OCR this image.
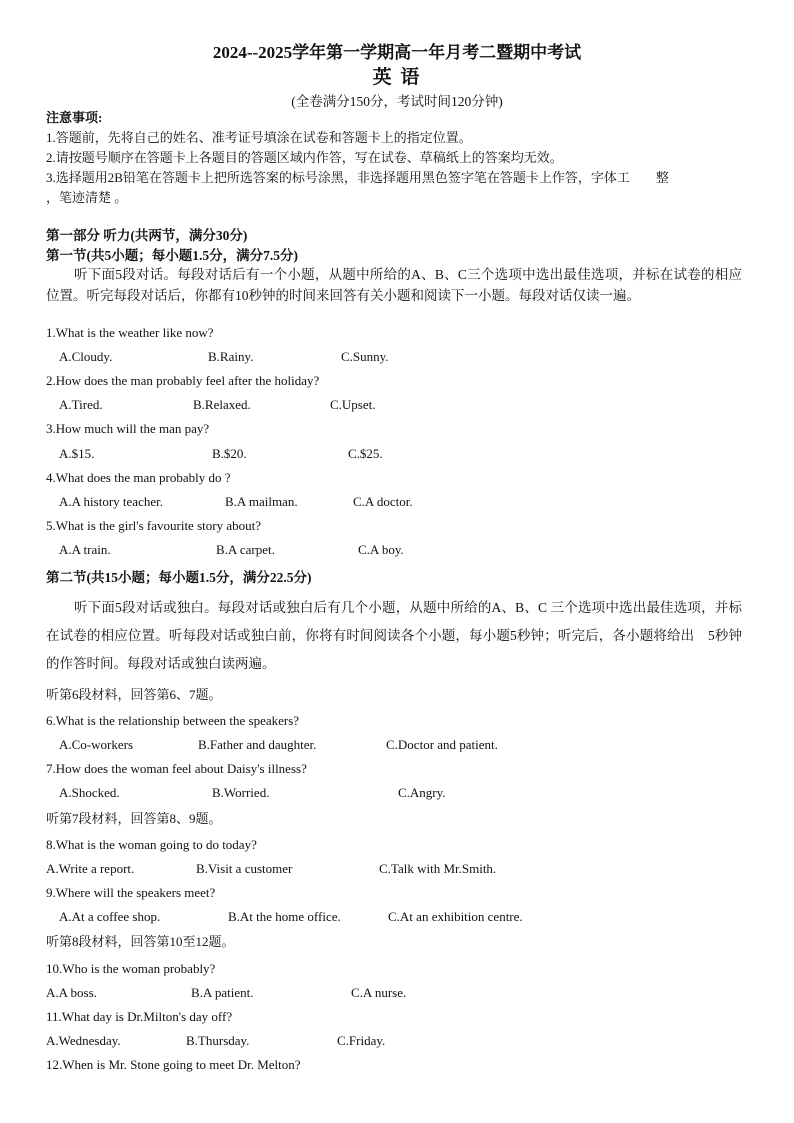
2024--2025学年第一学期高一年月考二暨期中考试
英 语
(全卷满分150分，考试时间120分钟)
注意事项:
1.答题前，先将自己的姓名、准考证号填涂在试卷和答题卡上的指定位置。
2.请按题号顺序在答题卡上各题目的答题区域内作答，写在试卷、草稿纸上的答案均无效。
3.选择题用2B铅笔在答题卡上把所选答案的标号涂黑，非选择题用黑色签字笔在答题卡上作答，字体工　　整
，笔迹清楚 。
第一部分 听力(共两节，满分30分)
第一节(共5小题；每小题1.5分，满分7.5分)
听下面5段对话。每段对话后有一个小题，从题中所给的A、B、C三个选项中选出最佳选项，并标在试卷的相应位置。听完每段对话后，你都有10秒钟的时间来回答有关小题和阅读下一小题。每段对话仅读一遍。
1.What is the weather like now?
A.Cloudy.	B.Rainy.	C.Sunny.
2.How does the man probably feel after the holiday?
A.Tired.	B.Relaxed.	C.Upset.
3.How much will the man pay?
A.$15.	B.$20.	C.$25.
4.What does the man probably do ?
A.A history teacher.	B.A mailman.	C.A doctor.
5.What is the girl's favourite story about?
A.A train.	B.A carpet.	C.A boy.
第二节(共15小题；每小题1.5分，满分22.5分)
听下面5段对话或独白。每段对话或独白后有几个小题，从题中所给的A、B、C 三个选项中选出最佳选项，并标在试卷的相应位置。听每段对话或独白前，你将有时间阅读各个小题，每小题5秒钟；听完后，各小题将给出　5秒钟的作答时间。每段对话或独白读两遍。
听第6段材料，回答第6、7题。
6.What is the relationship between the speakers?
A.Co-workers	B.Father and daughter.	C.Doctor and patient.
7.How does the woman feel about Daisy's illness?
A.Shocked.	B.Worried.	C.Angry.
听第7段材料，回答第8、9题。
8.What is the woman going to do today?
A.Write a report.	B.Visit a customer	C.Talk with Mr.Smith.
9.Where will the speakers meet?
A.At a coffee shop.	B.At the home office.	C.At an exhibition centre.
听第8段材料，回答第10至12题。
10.Who is the woman probably?
A.A boss.	B.A patient.	C.A nurse.
11.What day is Dr.Milton's day off?
A.Wednesday.	B.Thursday.	C.Friday.
12.When is Mr. Stone going to meet Dr. Melton?
